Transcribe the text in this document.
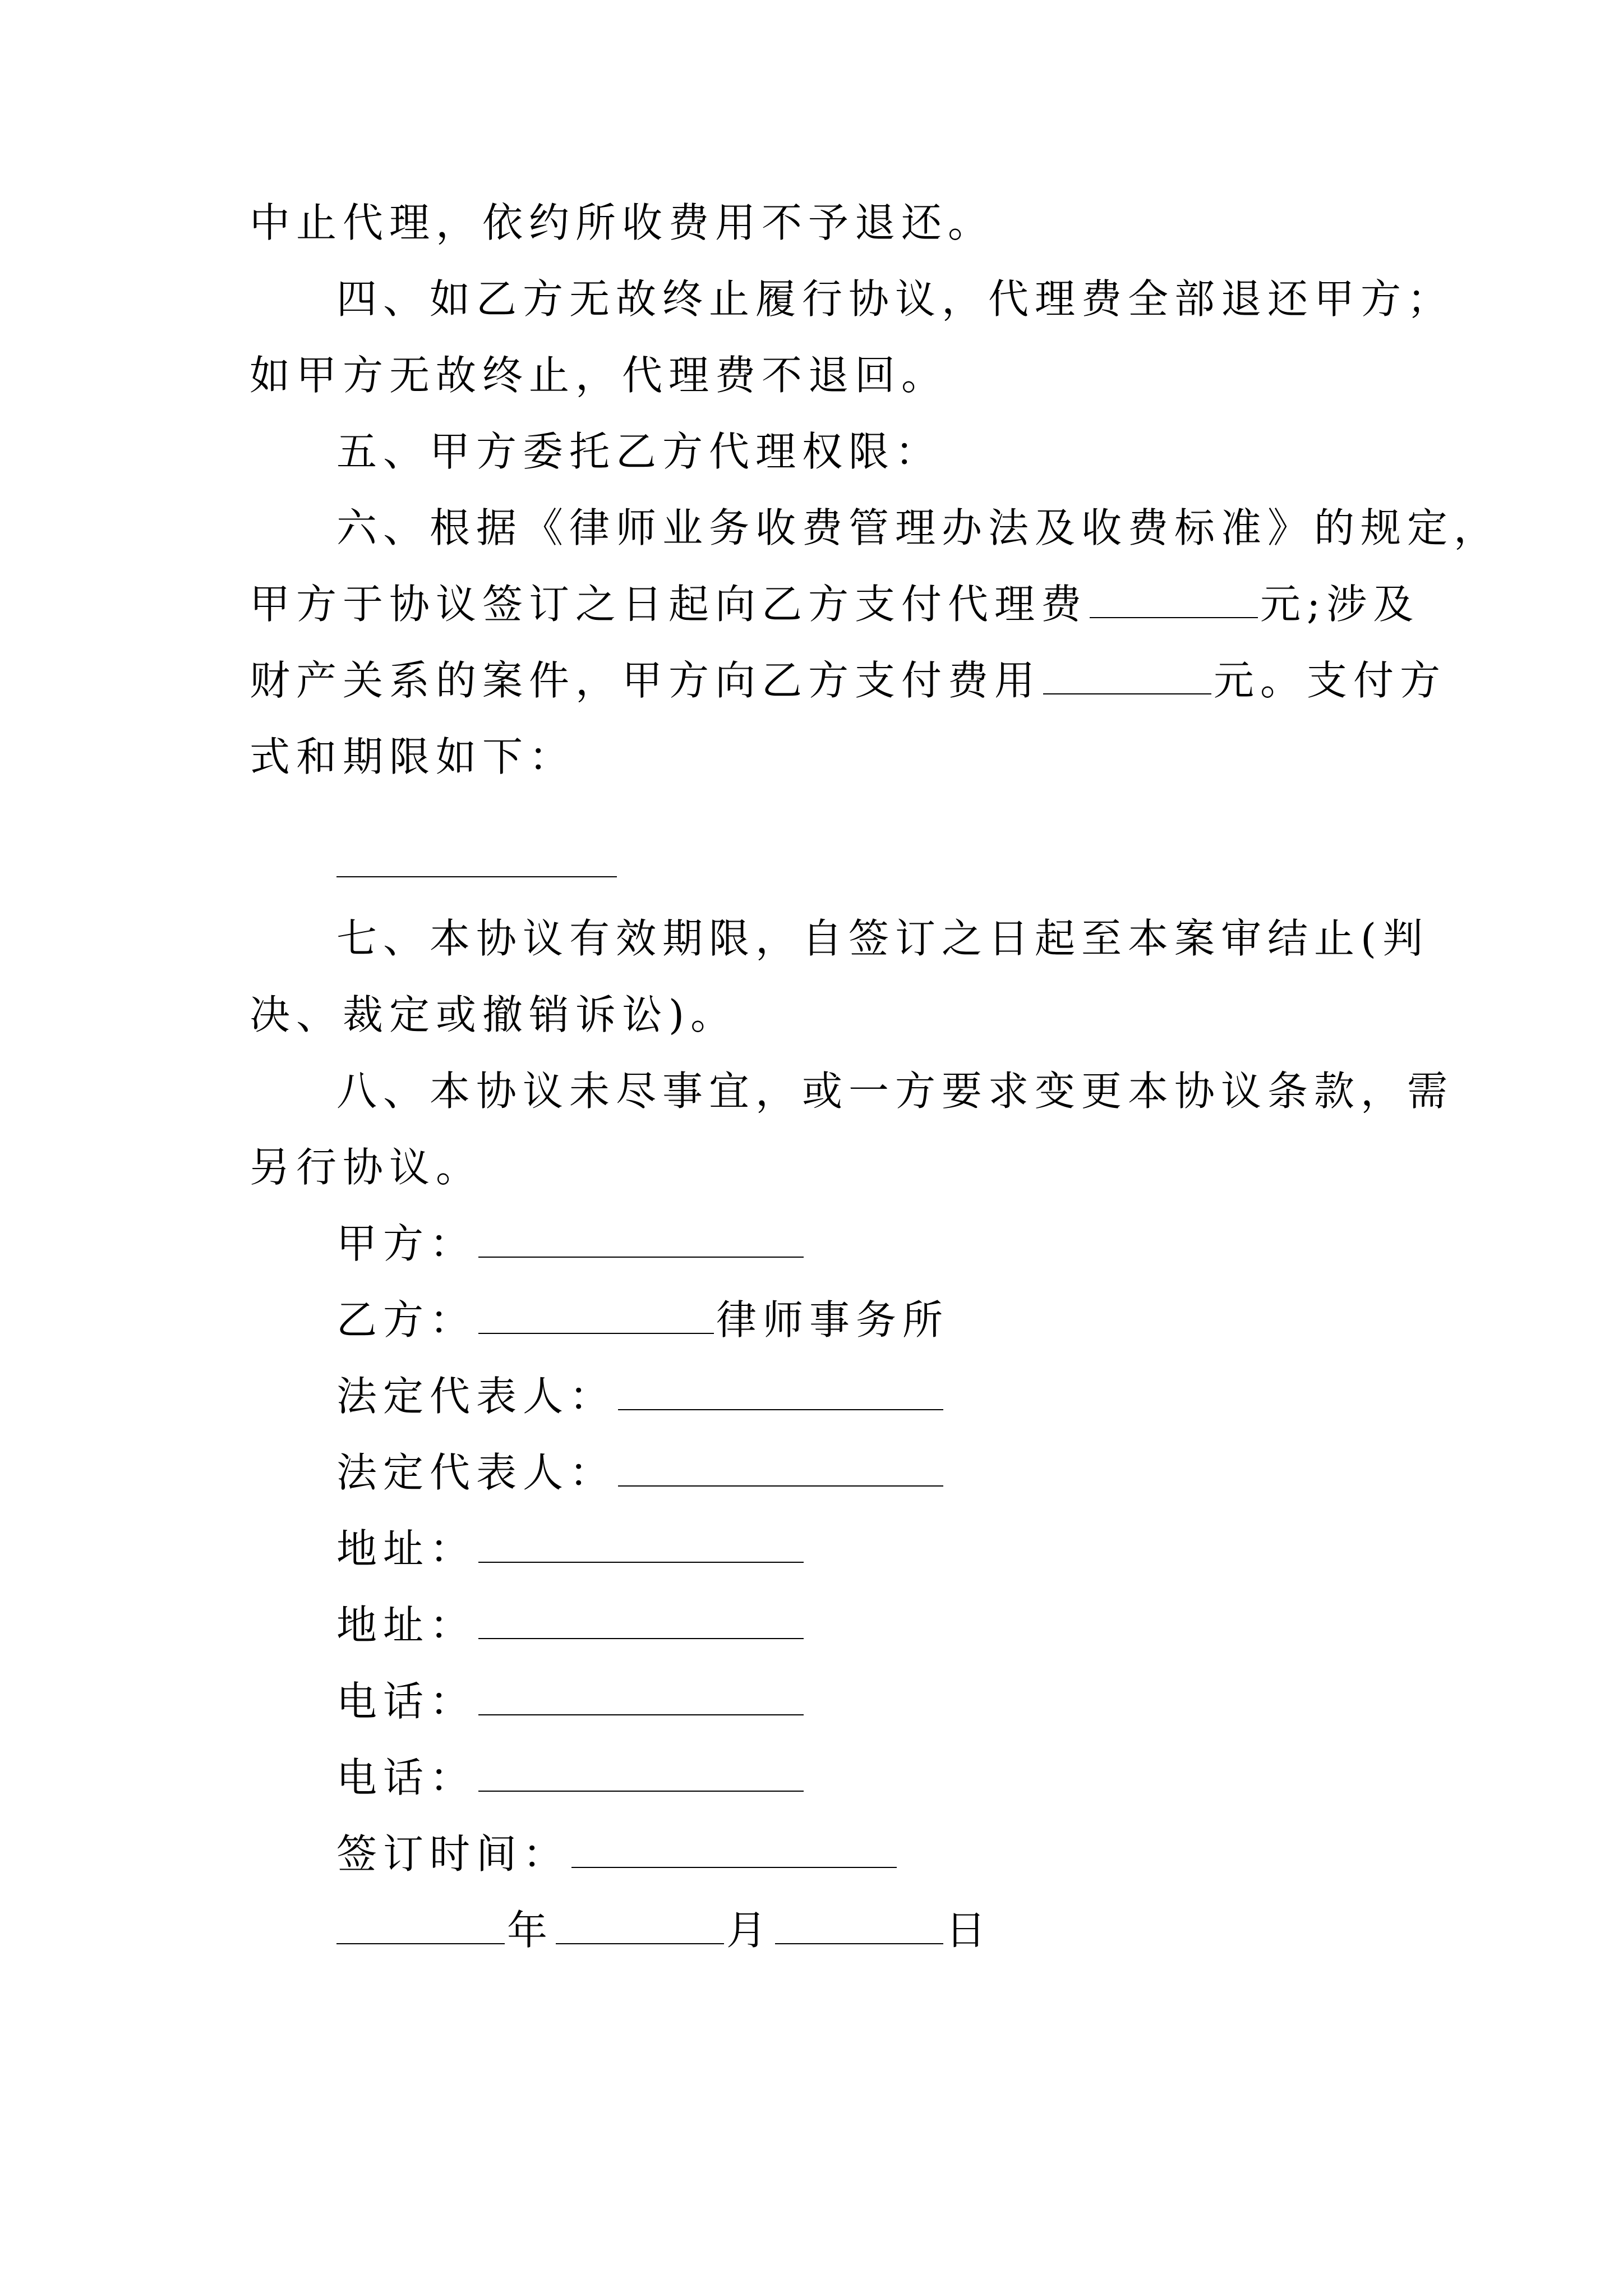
中止代理，依约所收费用不予退还。
四、如乙方无故终止履行协议，代理费全部退还甲方；
如甲方无故终止，代理费不退回。
五、甲方委托乙方代理权限：
六、根据《律师业务收费管理办法及收费标准》的规定，
甲方于协议签订之日起向乙方支付代理费	元;涉及
财产关系的案件，甲方向乙方支付费用	元。支付方
式和期限如下：
七、本协议有效期限，自签订之日起至本案审结止(判
决、裁定或撤销诉讼)。
八、本协议未尽事宜，或一方要求变更本协议条款，需
另行协议。
甲方：
乙方：	律师事务所
法定代表人：
法定代表人：
地址：
地址：
电话：
电话：
签订时间：
年	月	日
